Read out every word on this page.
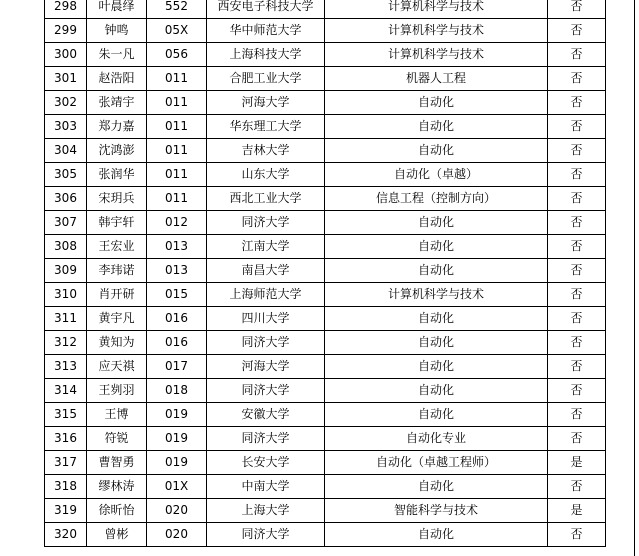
298	叶晨绎	552	西安电子科技大学	计算机科学与技术	否
299	钟鸣	05X	华中师范大学	计算机科学与技术	否
300	朱一凡	056	上海科技大学	计算机科学与技术	否
301	赵浩阳	011	合肥工业大学	机器人工程	否
302	张靖宇	011	河海大学	自动化	否
303	郑力嘉	011	华东理工大学	自动化	否
304	沈鸿澎	011	吉林大学	自动化	否
305	张润华	011	山东大学	自动化（卓越）	否
306	宋玥兵	011	西北工业大学	信息工程（控制方向）	否
307	韩宇轩	012	同济大学	自动化	否
308	王宏业	013	江南大学	自动化	否
309	李玮诺	013	南昌大学	自动化	否
310	肖开研	015	上海师范大学	计算机科学与技术	否
311	黄宇凡	016	四川大学	自动化	否
312	黄知为	016	同济大学	自动化	否
313	应天祺	017	河海大学	自动化	否
314	王刿羽	018	同济大学	自动化	否
315	王博	019	安徽大学	自动化	否
316	符锐	019	同济大学	自动化专业	否
317	曹智勇	019	长安大学	自动化（卓越工程师）	是
318	缪林涛	01X	中南大学	自动化	否
319	徐昕怡	020	上海大学	智能科学与技术	是
320	曾彬	020	同济大学	自动化	否
